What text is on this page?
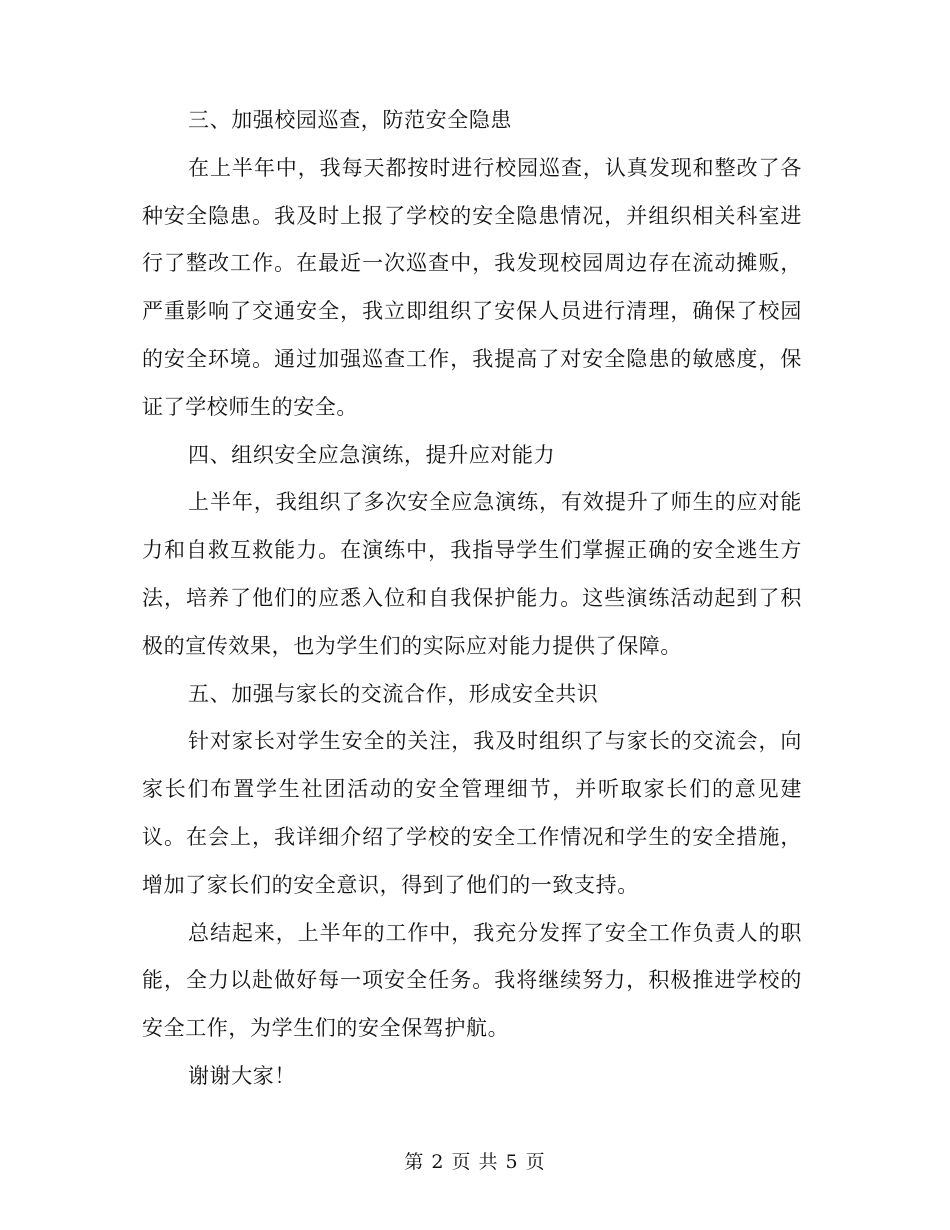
三、加强校园巡查，防范安全隐患

在上半年中，我每天都按时进行校园巡查，认真发现和整改了各种安全隐患。我及时上报了学校的安全隐患情况，并组织相关科室进行了整改工作。在最近一次巡查中，我发现校园周边存在流动摊贩，严重影响了交通安全，我立即组织了安保人员进行清理，确保了校园的安全环境。通过加强巡查工作，我提高了对安全隐患的敏感度，保证了学校师生的安全。

四、组织安全应急演练，提升应对能力

上半年，我组织了多次安全应急演练，有效提升了师生的应对能力和自救互救能力。在演练中，我指导学生们掌握正确的安全逃生方法，培养了他们的应悉入位和自我保护能力。这些演练活动起到了积极的宣传效果，也为学生们的实际应对能力提供了保障。

五、加强与家长的交流合作，形成安全共识

针对家长对学生安全的关注，我及时组织了与家长的交流会，向家长们布置学生社团活动的安全管理细节，并听取家长们的意见建议。在会上，我详细介绍了学校的安全工作情况和学生的安全措施，增加了家长们的安全意识，得到了他们的一致支持。

总结起来，上半年的工作中，我充分发挥了安全工作负责人的职能，全力以赴做好每一项安全任务。我将继续努力，积极推进学校的安全工作，为学生们的安全保驾护航。

谢谢大家！

第 2 页 共 5 页
